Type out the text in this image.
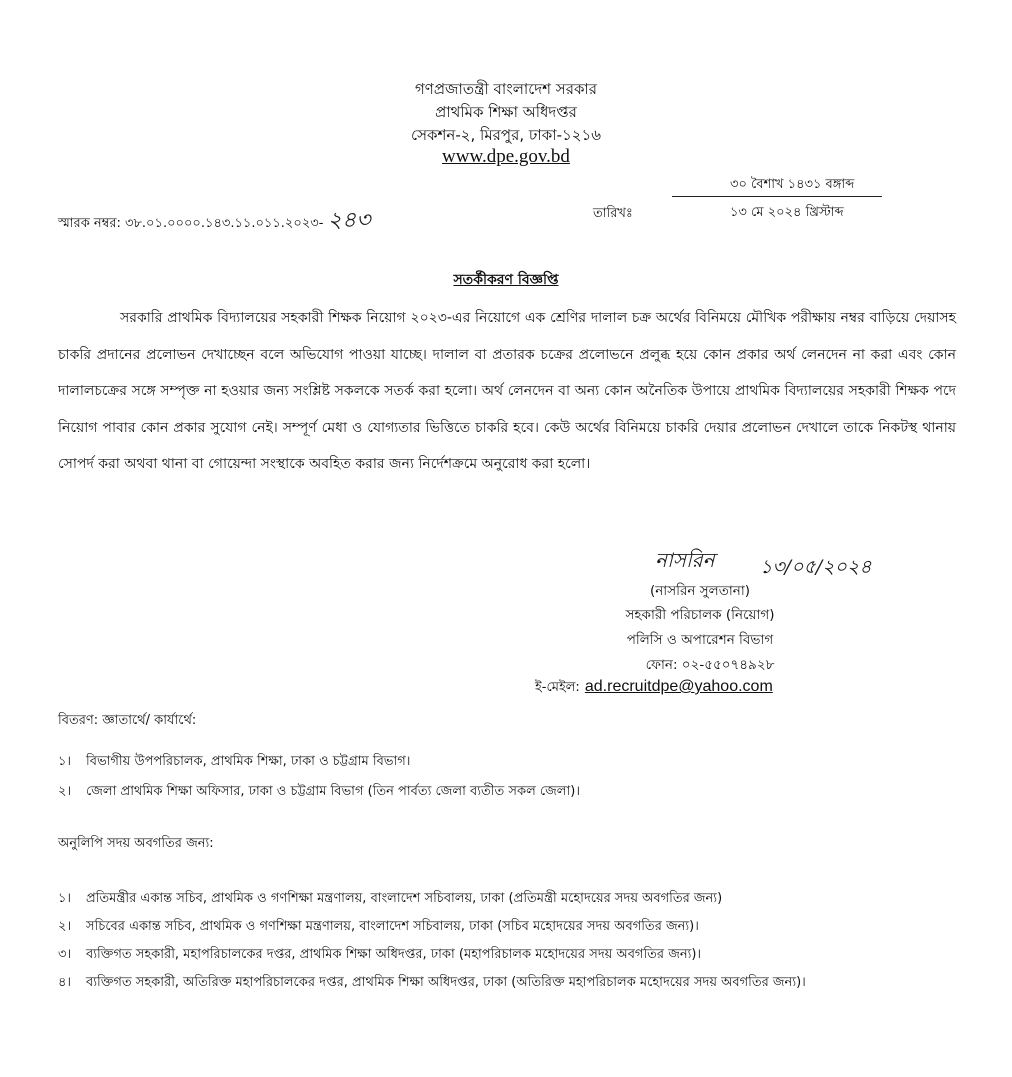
গণপ্রজাতন্ত্রী বাংলাদেশ সরকার
প্রাথমিক শিক্ষা অধিদপ্তর
সেকশন-২, মিরপুর, ঢাকা-১২১৬
www.dpe.gov.bd
স্মারক নম্বর: ৩৮.০১.০০০০.১৪৩.১১.০১১.২০২৩- ২৪৩	তারিখঃ
৩০ বৈশাখ ১৪৩১ বঙ্গাব্দ
১৩ মে ২০২৪ খ্রিস্টাব্দ
সতর্কীকরণ বিজ্ঞপ্তি
সরকারি প্রাথমিক বিদ্যালয়ের সহকারী শিক্ষক নিয়োগ ২০২৩-এর নিয়োগে এক শ্রেণির দালাল চক্র অর্থের বিনিময়ে মৌখিক পরীক্ষায় নম্বর বাড়িয়ে দেয়াসহ চাকরি প্রদানের প্রলোভন দেখাচ্ছেন বলে অভিযোগ পাওয়া যাচ্ছে। দালাল বা প্রতারক চক্রের প্রলোভনে প্রলুব্ধ হয়ে কোন প্রকার অর্থ লেনদেন না করা এবং কোন দালালচক্রের সঙ্গে সম্পৃক্ত না হওয়ার জন্য সংশ্লিষ্ট সকলকে সতর্ক করা হলো। অর্থ লেনদেন বা অন্য কোন অনৈতিক উপায়ে প্রাথমিক বিদ্যালয়ের সহকারী শিক্ষক পদে নিয়োগ পাবার কোন প্রকার সুযোগ নেই। সম্পূর্ণ মেধা ও যোগ্যতার ভিত্তিতে চাকরি হবে। কেউ অর্থের বিনিময়ে চাকরি দেয়ার প্রলোভন দেখালে তাকে নিকটস্থ থানায় সোপর্দ করা অথবা থানা বা গোয়েন্দা সংস্থাকে অবহিত করার জন্য নির্দেশক্রমে অনুরোধ করা হলো।
নাসরিন ১৩/০৫/২০২৪
(নাসরিন সুলতানা)
সহকারী পরিচালক (নিয়োগ)
পলিসি ও অপারেশন বিভাগ
ফোন: ০২-৫৫০৭৪৯২৮
ই-মেইল: ad.recruitdpe@yahoo.com
বিতরণ: জ্ঞাতার্থে/ কার্যার্থে:
১। বিভাগীয় উপপরিচালক, প্রাথমিক শিক্ষা, ঢাকা ও চট্টগ্রাম বিভাগ।
২। জেলা প্রাথমিক শিক্ষা অফিসার, ঢাকা ও চট্টগ্রাম বিভাগ (তিন পার্বত্য জেলা ব্যতীত সকল জেলা)।
অনুলিপি সদয় অবগতির জন্য:
১। প্রতিমন্ত্রীর একান্ত সচিব, প্রাথমিক ও গণশিক্ষা মন্ত্রণালয়, বাংলাদেশ সচিবালয়, ঢাকা (প্রতিমন্ত্রী মহোদয়ের সদয় অবগতির জন্য)
২। সচিবের একান্ত সচিব, প্রাথমিক ও গণশিক্ষা মন্ত্রণালয়, বাংলাদেশ সচিবালয়, ঢাকা (সচিব মহোদয়ের সদয় অবগতির জন্য)।
৩। ব্যক্তিগত সহকারী, মহাপরিচালকের দপ্তর, প্রাথমিক শিক্ষা অধিদপ্তর, ঢাকা (মহাপরিচালক মহোদয়ের সদয় অবগতির জন্য)।
৪। ব্যক্তিগত সহকারী, অতিরিক্ত মহাপরিচালকের দপ্তর, প্রাথমিক শিক্ষা অধিদপ্তর, ঢাকা (অতিরিক্ত মহাপরিচালক মহোদয়ের সদয় অবগতির জন্য)।
